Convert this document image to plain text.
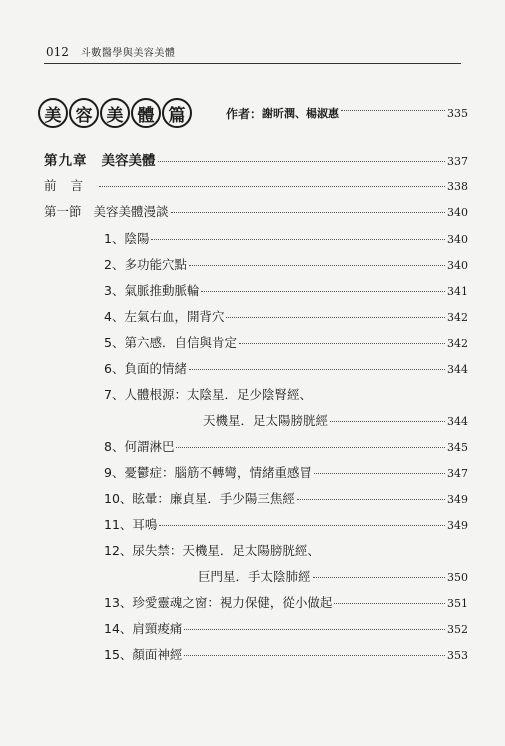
012 斗數醫學與美容美體
美 容 美 體 篇	作者： 謝昕潤、楊淑惠	335
第九章 美容美體	337
前言	338
第一節 美容美體漫談	340
1、陰陽	340
2、多功能穴點	340
3、氣脈推動脈輪	341
4、左氣右血，開背穴	342
5、第六感．自信與肯定	342
6、負面的情緒	344
7、人體根源：太陰星．足少陰腎經、
天機星．足太陽膀胱經	344
8、何謂淋巴	345
9、憂鬱症：腦筋不轉彎，情緒重感冒	347
10、眩暈：廉貞星．手少陽三焦經	349
11、耳鳴	349
12、尿失禁：天機星．足太陽膀胱經、
巨門星．手太陰肺經	350
13、珍愛靈魂之窗：視力保健，從小做起	351
14、肩頸痠痛	352
15、顏面神經	353
